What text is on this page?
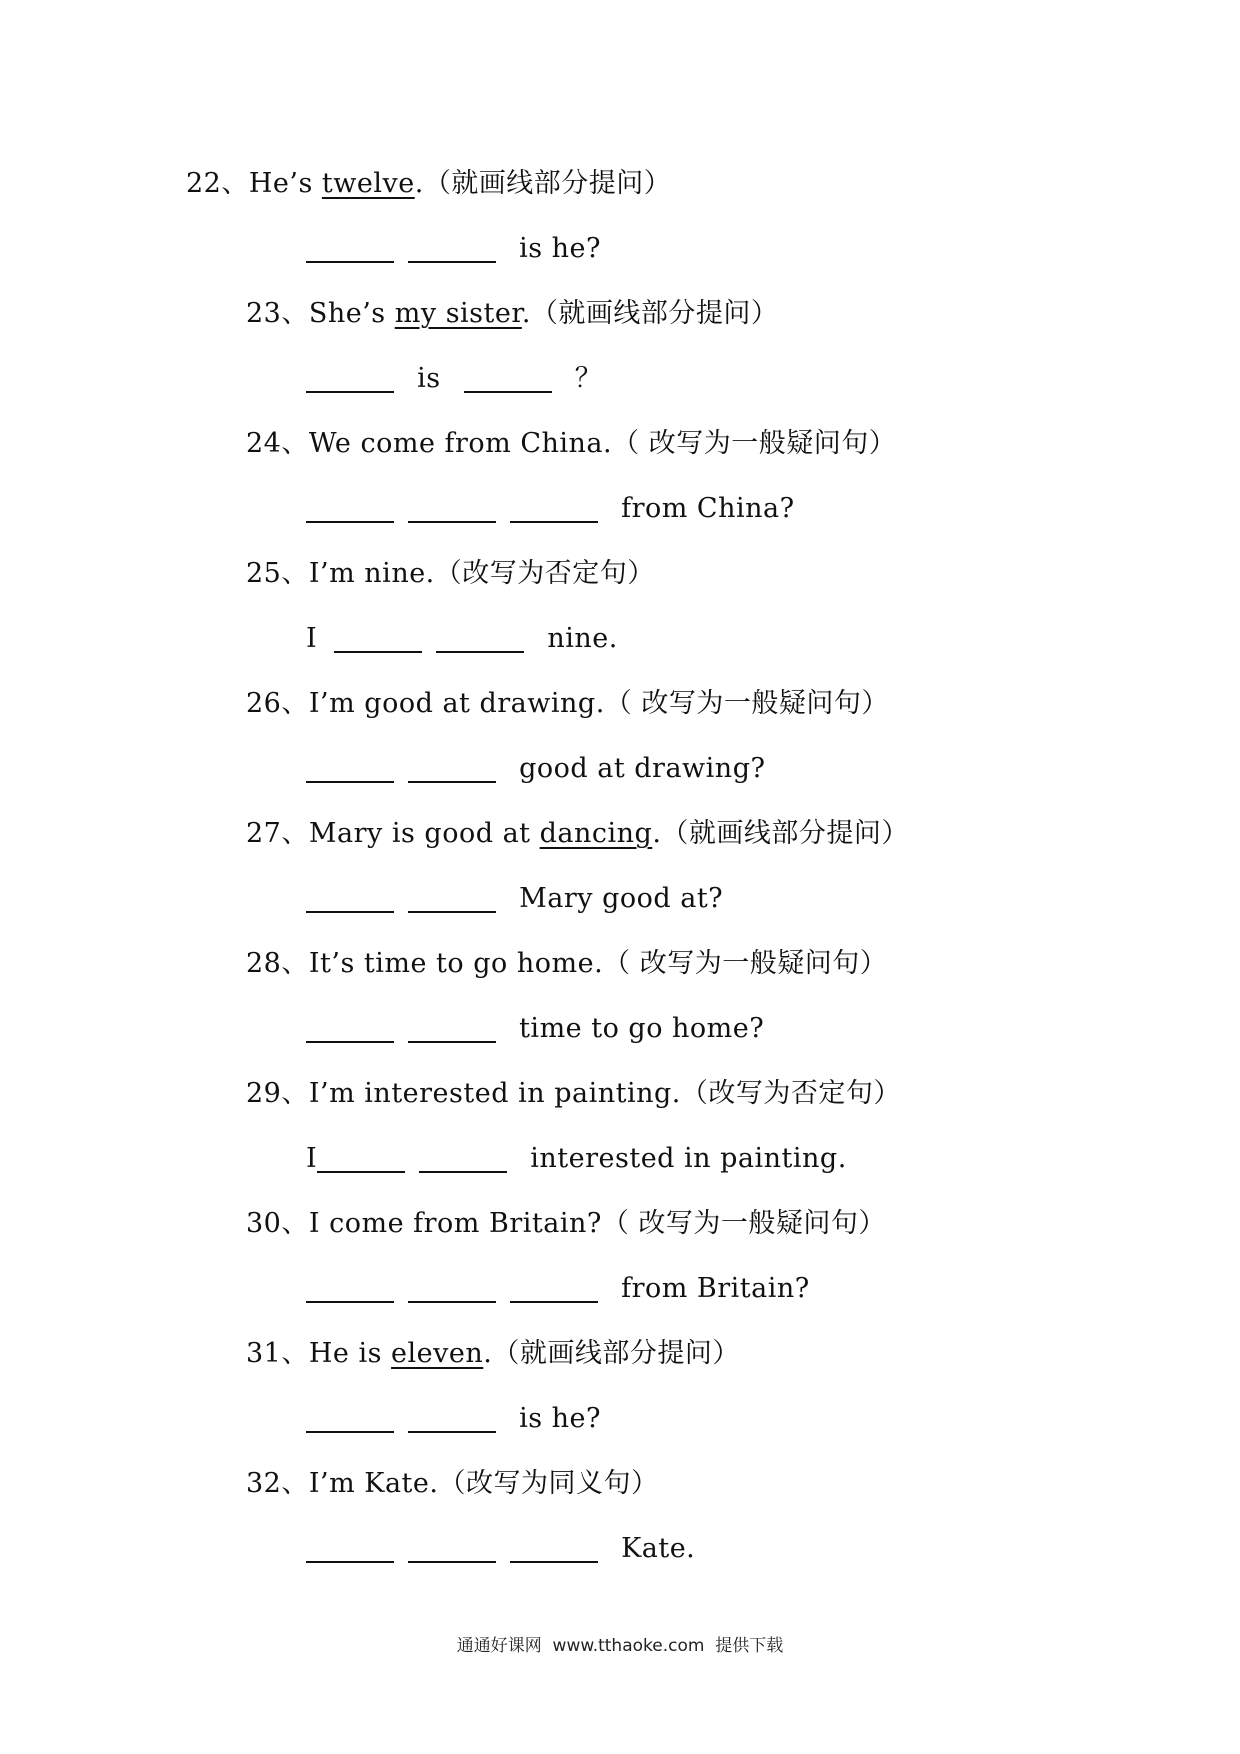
22、He’s twelve.（就画线部分提问）
is he?
23、She’s my sister.（就画线部分提问）
is	？
24、We come from China.（ 改写为一般疑问句）
from China?
25、I’m nine.（改写为否定句）
I	nine.
26、I’m good at drawing.（ 改写为一般疑问句）
good at drawing?
27、Mary is good at dancing.（就画线部分提问）
Mary good at?
28、It’s time to go home.（ 改写为一般疑问句）
time to go home?
29、I’m interested in painting.（改写为否定句）
I	interested in painting.
30、I come from Britain?（ 改写为一般疑问句）
from Britain?
31、He is eleven.（就画线部分提问）
is he?
32、I’m Kate.（改写为同义句）
Kate.
通通好课网  www.tthaoke.com  提供下载
